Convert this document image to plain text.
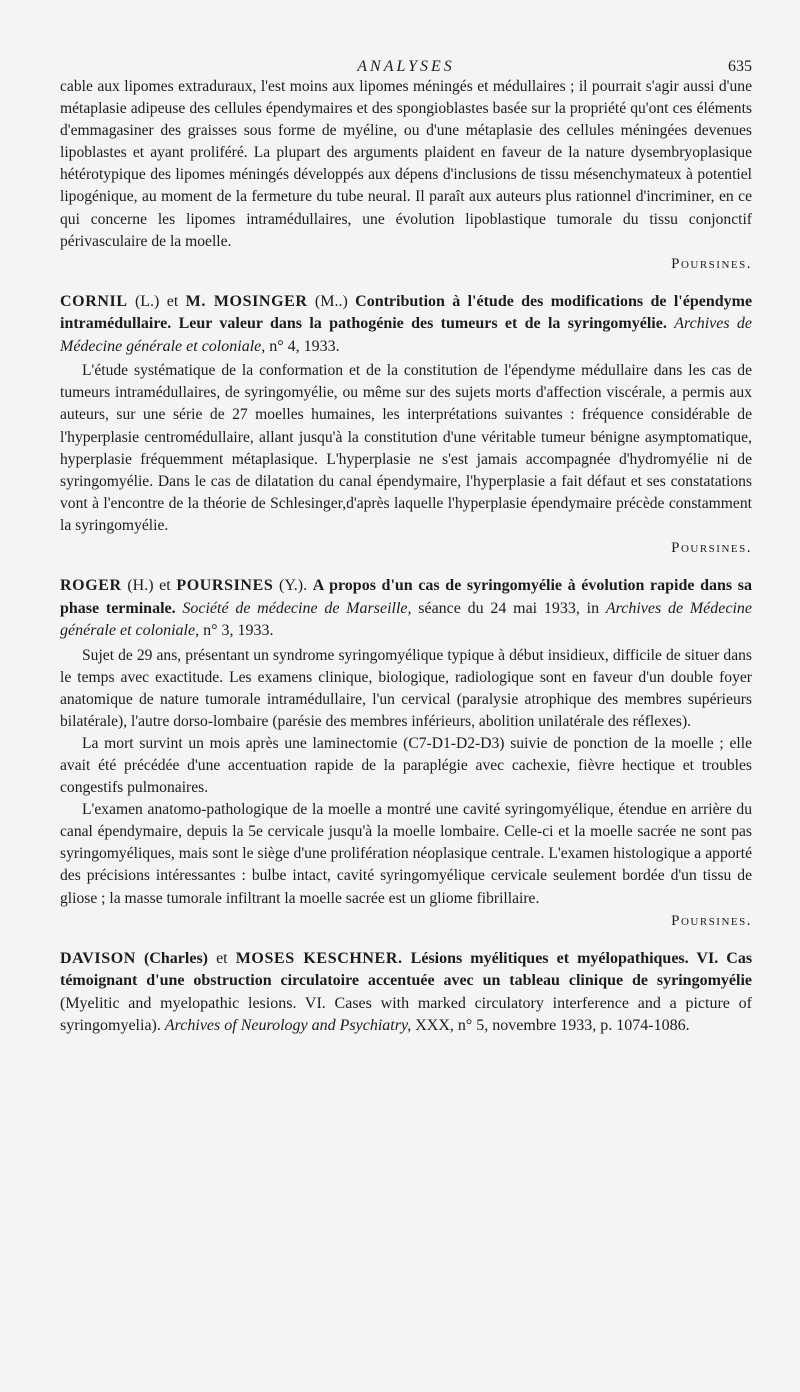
ANALYSES	635

cable aux lipomes extraduraux, l'est moins aux lipomes méningés et médullaires ; il pourrait s'agir aussi d'une métaplasie adipeuse des cellules épendymaires et des spongioblastes basée sur la propriété qu'ont ces éléments d'emmagasiner des graisses sous forme de myéline, ou d'une métaplasie des cellules méningées devenues lipoblastes et ayant proliféré. La plupart des arguments plaident en faveur de la nature dysembryoplasique hétérotypique des lipomes méningés développés aux dépens d'inclusions de tissu mésenchymateux à potentiel lipogénique, au moment de la fermeture du tube neural. Il paraît aux auteurs plus rationnel d'incriminer, en ce qui concerne les lipomes intramédullaires, une évolution lipoblastique tumorale du tissu conjonctif périvasculaire de la moelle.

Poursines.

CORNIL (L.) et M. MOSINGER (M..) Contribution à l'étude des modifications de l'épendyme intramédullaire. Leur valeur dans la pathogénie des tumeurs et de la syringomyélie. Archives de Médecine générale et coloniale, n° 4, 1933.

L'étude systématique de la conformation et de la constitution de l'épendyme médullaire dans les cas de tumeurs intramédullaires, de syringomyélie, ou même sur des sujets morts d'affection viscérale, a permis aux auteurs, sur une série de 27 moelles humaines, les interprétations suivantes : fréquence considérable de l'hyperplasie centromédullaire, allant jusqu'à la constitution d'une véritable tumeur bénigne asymptomatique, hyperplasie fréquemment métaplasique. L'hyperplasie ne s'est jamais accompagnée d'hydromyélie ni de syringomyélie. Dans le cas de dilatation du canal épendymaire, l'hyperplasie a fait défaut et ses constatations vont à l'encontre de la théorie de Schlesinger,d'après laquelle l'hyperplasie épendymaire précède constamment la syringomyélie.

Poursines.

ROGER (H.) et POURSINES (Y.). A propos d'un cas de syringomyélie à évolution rapide dans sa phase terminale. Société de médecine de Marseille, séance du 24 mai 1933, in Archives de Médecine générale et coloniale, n° 3, 1933.

Sujet de 29 ans, présentant un syndrome syringomyélique typique à début insidieux, difficile de situer dans le temps avec exactitude. Les examens clinique, biologique, radiologique sont en faveur d'un double foyer anatomique de nature tumorale intramédullaire, l'un cervical (paralysie atrophique des membres supérieurs bilatérale), l'autre dorso-lombaire (parésie des membres inférieurs, abolition unilatérale des réflexes).

La mort survint un mois après une laminectomie (C7-D1-D2-D3) suivie de ponction de la moelle ; elle avait été précédée d'une accentuation rapide de la paraplégie avec cachexie, fièvre hectique et troubles congestifs pulmonaires.

L'examen anatomo-pathologique de la moelle a montré une cavité syringomyélique, étendue en arrière du canal épendymaire, depuis la 5e cervicale jusqu'à la moelle lombaire. Celle-ci et la moelle sacrée ne sont pas syringomyéliques, mais sont le siège d'une prolifération néoplasique centrale. L'examen histologique a apporté des précisions intéressantes : bulbe intact, cavité syringomyélique cervicale seulement bordée d'un tissu de gliose ; la masse tumorale infiltrant la moelle sacrée est un gliome fibrillaire.

Poursines.

DAVISON (Charles) et MOSES KESCHNER. Lésions myélitiques et myélopathiques. VI. Cas témoignant d'une obstruction circulatoire accentuée avec un tableau clinique de syringomyélie (Myelitic and myelopathic lesions. VI. Cases with marked circulatory interference and a picture of syringomyelia). Archives of Neurology and Psychiatry, XXX, n° 5, novembre 1933, p. 1074-1086.
